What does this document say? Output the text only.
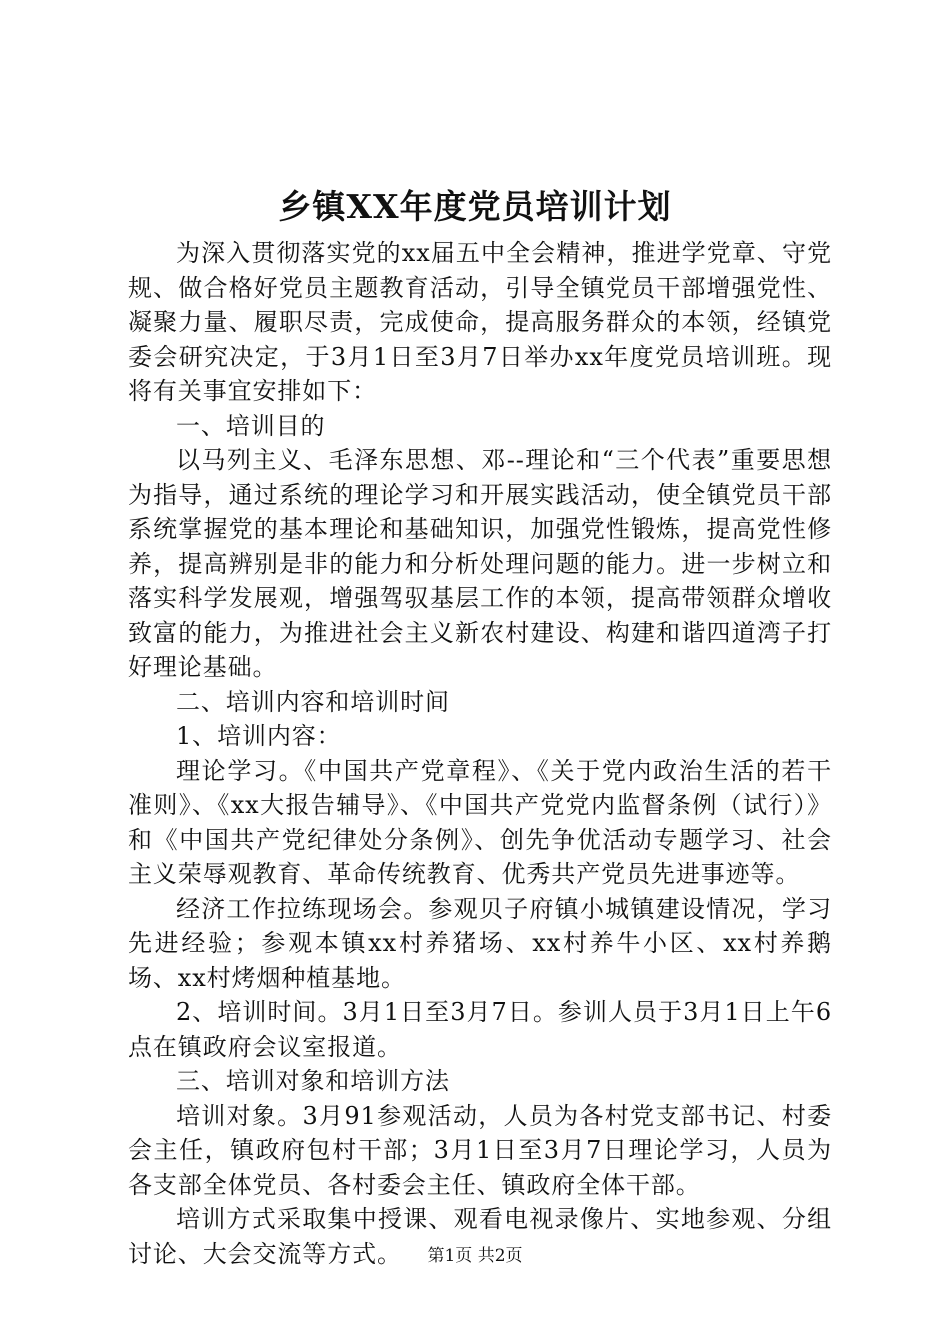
乡镇XX年度党员培训计划

为深入贯彻落实党的xx届五中全会精神，推进学党章、守党规、做合格好党员主题教育活动，引导全镇党员干部增强党性、凝聚力量、履职尽责，完成使命，提高服务群众的本领，经镇党委会研究决定，于3月1日至3月7日举办xx年度党员培训班。现将有关事宜安排如下：

一、培训目的

以马列主义、毛泽东思想、邓--理论和“三个代表”重要思想为指导，通过系统的理论学习和开展实践活动，使全镇党员干部系统掌握党的基本理论和基础知识，加强党性锻炼，提高党性修养，提高辨别是非的能力和分析处理问题的能力。进一步树立和落实科学发展观，增强驾驭基层工作的本领，提高带领群众增收致富的能力，为推进社会主义新农村建设、构建和谐四道湾子打好理论基础。

二、培训内容和培训时间

1、培训内容：

理论学习。《中国共产党章程》、《关于党内政治生活的若干准则》、《xx大报告辅导》、《中国共产党党内监督条例（试行）》和《中国共产党纪律处分条例》、创先争优活动专题学习、社会主义荣辱观教育、革命传统教育、优秀共产党员先进事迹等。

经济工作拉练现场会。参观贝子府镇小城镇建设情况，学习先进经验；参观本镇xx村养猪场、xx村养牛小区、xx村养鹅场、xx村烤烟种植基地。

2、培训时间。3月1日至3月7日。参训人员于3月1日上午6点在镇政府会议室报道。

三、培训对象和培训方法

培训对象。3月91参观活动，人员为各村党支部书记、村委会主任，镇政府包村干部；3月1日至3月7日理论学习，人员为各支部全体党员、各村委会主任、镇政府全体干部。

培训方式采取集中授课、观看电视录像片、实地参观、分组讨论、大会交流等方式。	第1页 共2页
